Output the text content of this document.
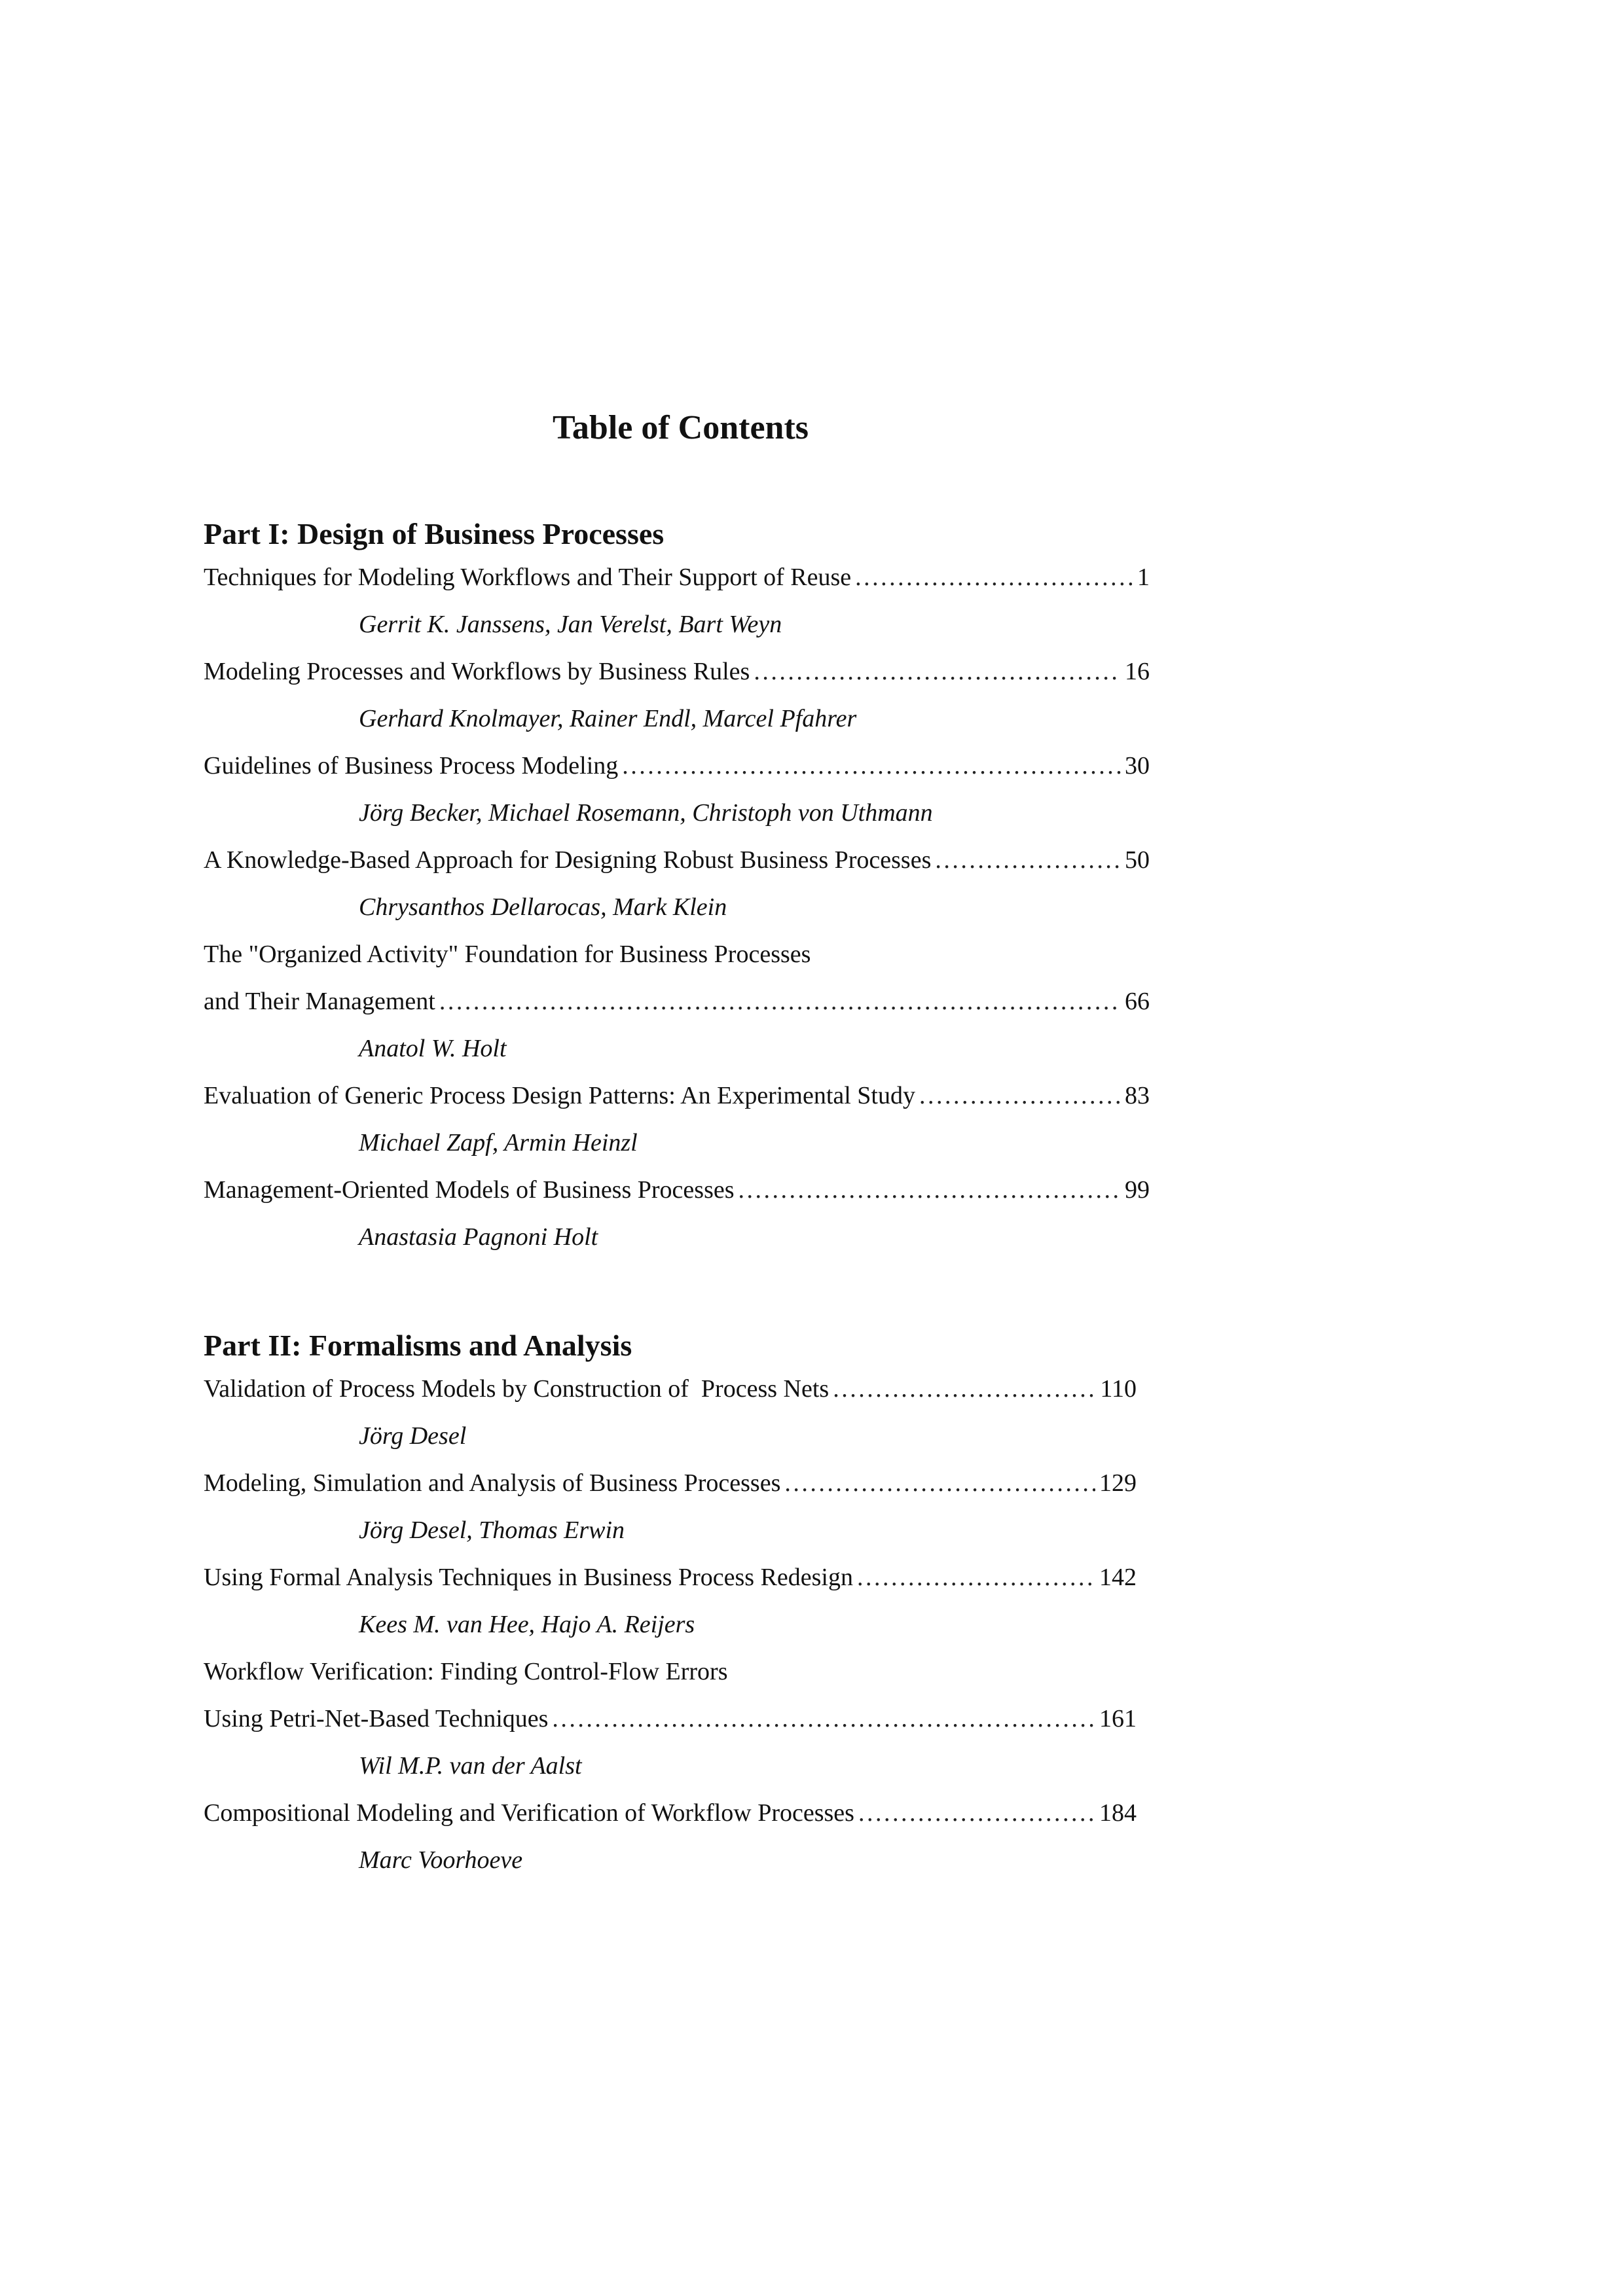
Table of Contents
Part I: Design of Business Processes
Techniques for Modeling Workflows and Their Support of Reuse . . .	1
Gerrit K. Janssens, Jan Verelst, Bart Weyn
Modeling Processes and Workflows by Business Rules . . .	16
Gerhard Knolmayer, Rainer Endl, Marcel Pfahrer
Guidelines of Business Process Modeling . . .	30
Jörg Becker, Michael Rosemann, Christoph von Uthmann
A Knowledge-Based Approach for Designing Robust Business Processes . . .	50
Chrysanthos Dellarocas, Mark Klein
The "Organized Activity" Foundation for Business Processes
and Their Management . . .	66
Anatol W. Holt
Evaluation of Generic Process Design Patterns: An Experimental Study . . .	83
Michael Zapf, Armin Heinzl
Management-Oriented Models of Business Processes . . .	99
Anastasia Pagnoni Holt
Part II: Formalisms and Analysis
Validation of Process Models by Construction of  Process Nets . . .	110
Jörg Desel
Modeling, Simulation and Analysis of Business Processes . . .	129
Jörg Desel, Thomas Erwin
Using Formal Analysis Techniques in Business Process Redesign . . .	142
Kees M. van Hee, Hajo A. Reijers
Workflow Verification: Finding Control-Flow Errors
Using Petri-Net-Based Techniques . . .	161
Wil M.P. van der Aalst
Compositional Modeling and Verification of Workflow Processes . . .	184
Marc Voorhoeve
